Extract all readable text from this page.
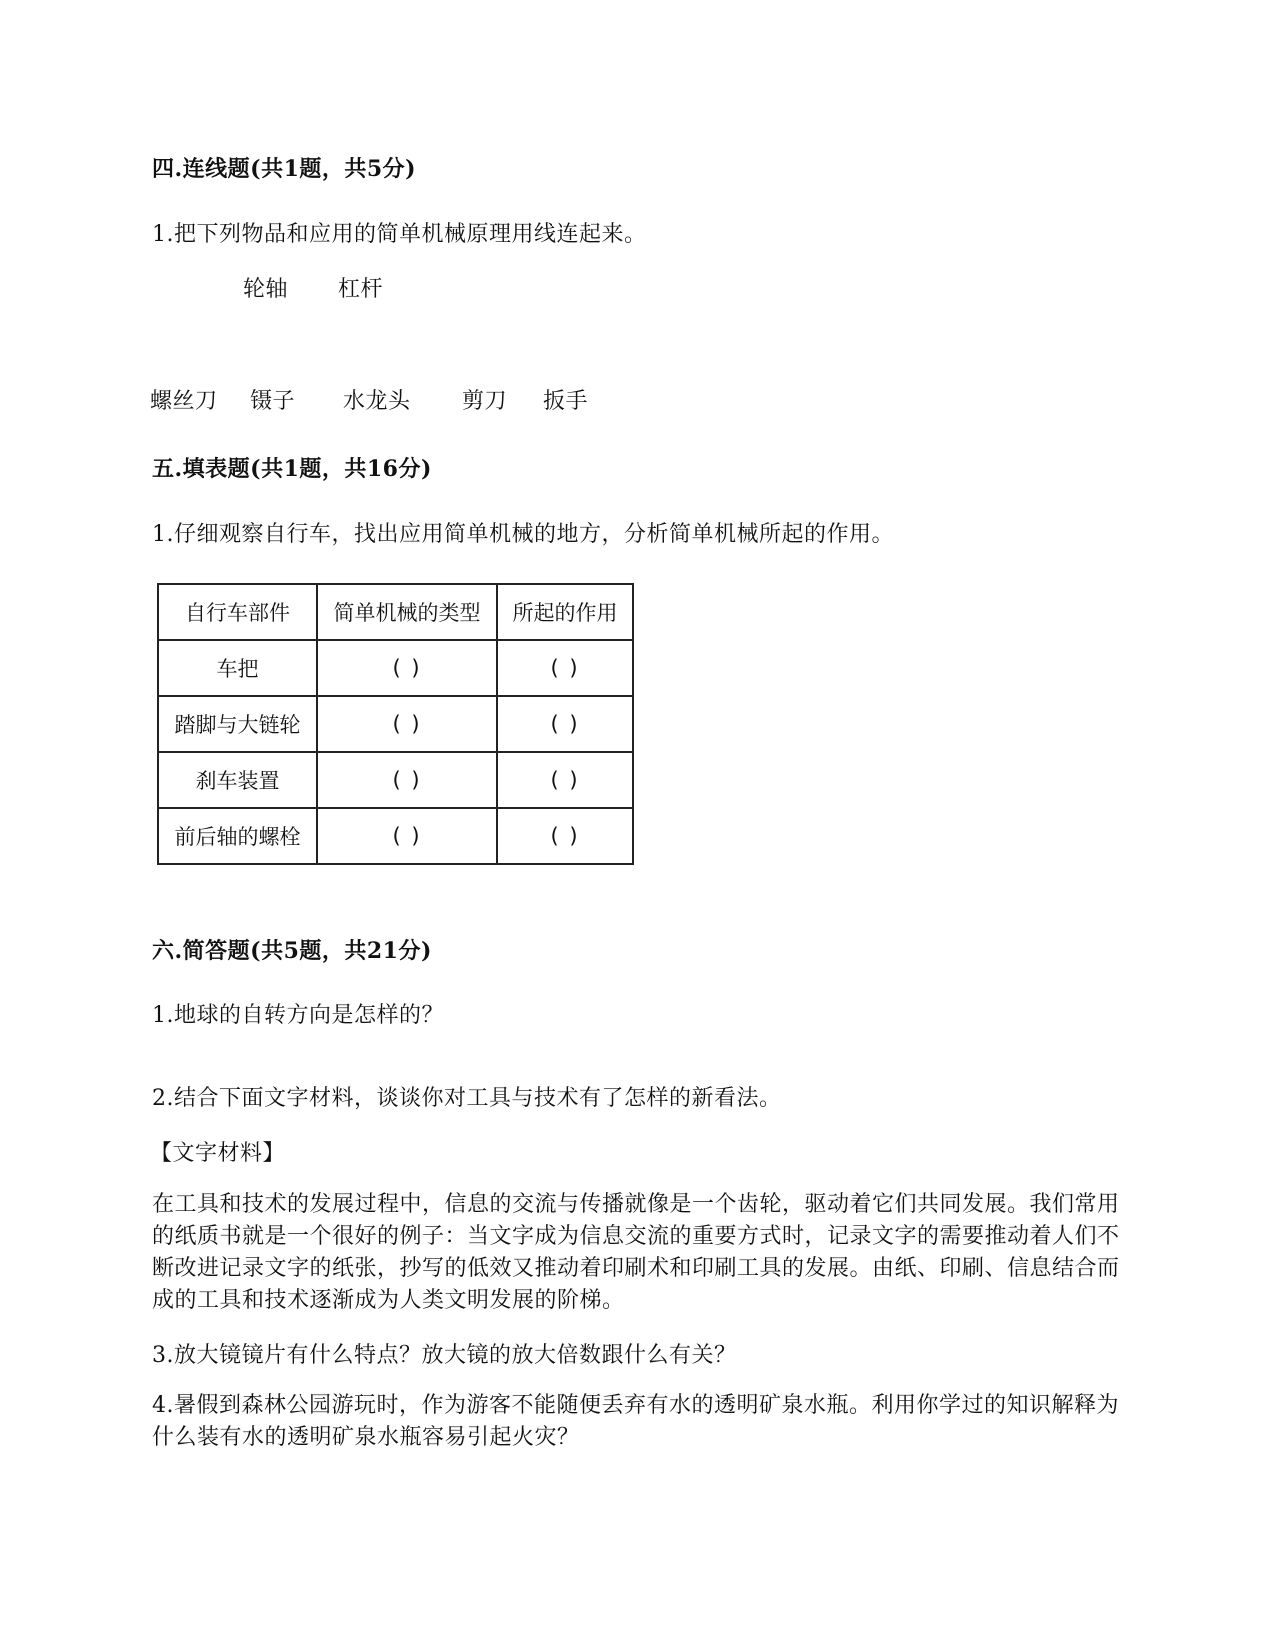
四.连线题(共1题，共5分)
1.把下列物品和应用的简单机械原理用线连起来。
轮轴 杠杆
螺丝刀 镊子 水龙头 剪刀 扳手
五.填表题(共1题，共16分)
1.仔细观察自行车，找出应用简单机械的地方，分析简单机械所起的作用。
自行车部件	简单机械的类型	所起的作用
车把	( )	( )
踏脚与大链轮	( )	( )
刹车装置	( )	( )
前后轴的螺栓	( )	( )
六.简答题(共5题，共21分)
1.地球的自转方向是怎样的？
2.结合下面文字材料，谈谈你对工具与技术有了怎样的新看法。
【文字材料】
在工具和技术的发展过程中，信息的交流与传播就像是一个齿轮，驱动着它们共同发展。我们常用的纸质书就是一个很好的例子：当文字成为信息交流的重要方式时，记录文字的需要推动着人们不断改进记录文字的纸张，抄写的低效又推动着印刷术和印刷工具的发展。由纸、印刷、信息结合而成的工具和技术逐渐成为人类文明发展的阶梯。
3.放大镜镜片有什么特点？放大镜的放大倍数跟什么有关？
4.暑假到森林公园游玩时，作为游客不能随便丢弃有水的透明矿泉水瓶。利用你学过的知识解释为什么装有水的透明矿泉水瓶容易引起火灾？
